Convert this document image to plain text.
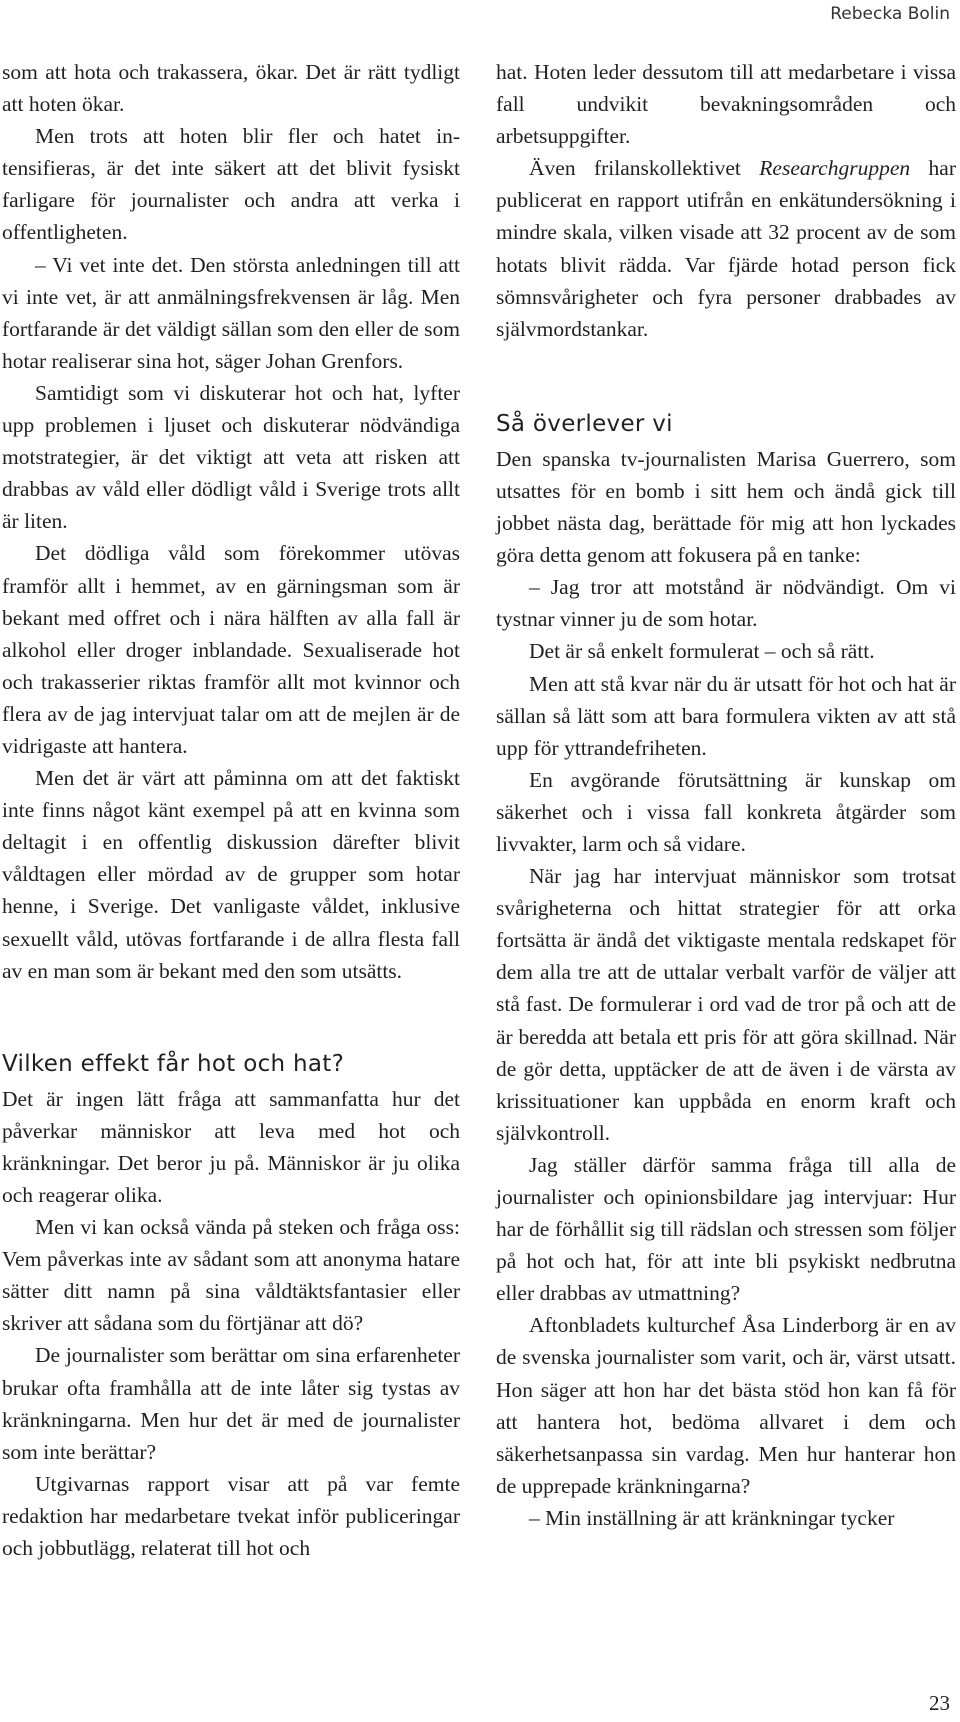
Rebecka Bolin

som att hota och trakassera, ökar. Det är rätt tydligt att hoten ökar.

Men trots att hoten blir fler och hatet intensifieras, är det inte säkert att det blivit fysiskt farligare för journalister och andra att verka i offentligheten.

– Vi vet inte det. Den största anledningen till att vi inte vet, är att anmälningsfrekvensen är låg. Men fortfarande är det väldigt sällan som den eller de som hotar realiserar sina hot, säger Johan Grenfors.

Samtidigt som vi diskuterar hot och hat, lyfter upp problemen i ljuset och diskuterar nödvändiga motstrategier, är det viktigt att veta att risken att drabbas av våld eller dödligt våld i Sverige trots allt är liten.

Det dödliga våld som förekommer utövas framför allt i hemmet, av en gärningsman som är bekant med offret och i nära hälften av alla fall är alkohol eller droger inblandade. Sexualiserade hot och trakasserier riktas framför allt mot kvinnor och flera av de jag intervjuat talar om att de mejlen är de vidrigaste att hantera.

Men det är värt att påminna om att det faktiskt inte finns något känt exempel på att en kvinna som deltagit i en offentlig diskussion därefter blivit våldtagen eller mördad av de grupper som hotar henne, i Sverige. Det vanligaste våldet, inklusive sexuellt våld, utövas fortfarande i de allra flesta fall av en man som är bekant med den som utsätts.

Vilken effekt får hot och hat?

Det är ingen lätt fråga att sammanfatta hur det påverkar människor att leva med hot och kränkningar. Det beror ju på. Människor är ju olika och reagerar olika.

Men vi kan också vända på steken och fråga oss: Vem påverkas inte av sådant som att anonyma hatare sätter ditt namn på sina våldtäktsfantasier eller skriver att sådana som du förtjänar att dö?

De journalister som berättar om sina erfarenheter brukar ofta framhålla att de inte låter sig tystas av kränkningarna. Men hur det är med de journalister som inte berättar?

Utgivarnas rapport visar att på var femte redaktion har medarbetare tvekat inför publiceringar och jobbutlägg, relaterat till hot och

hat. Hoten leder dessutom till att medarbetare i vissa fall undvikit bevakningsområden och arbetsuppgifter.

Även frilanskollektivet Researchgruppen har publicerat en rapport utifrån en enkätundersökning i mindre skala, vilken visade att 32 procent av de som hotats blivit rädda. Var fjärde hotad person fick sömnsvårigheter och fyra personer drabbades av självmordstankar.

Så överlever vi

Den spanska tv-journalisten Marisa Guerrero, som utsattes för en bomb i sitt hem och ändå gick till jobbet nästa dag, berättade för mig att hon lyckades göra detta genom att fokusera på en tanke:

– Jag tror att motstånd är nödvändigt. Om vi tystnar vinner ju de som hotar.

Det är så enkelt formulerat – och så rätt.

Men att stå kvar när du är utsatt för hot och hat är sällan så lätt som att bara formulera vikten av att stå upp för yttrandefriheten.

En avgörande förutsättning är kunskap om säkerhet och i vissa fall konkreta åtgärder som livvakter, larm och så vidare.

När jag har intervjuat människor som trotsat svårigheterna och hittat strategier för att orka fortsätta är ändå det viktigaste mentala redskapet för dem alla tre att de uttalar verbalt varför de väljer att stå fast. De formulerar i ord vad de tror på och att de är beredda att betala ett pris för att göra skillnad. När de gör detta, upptäcker de att de även i de värsta av krissituationer kan uppbåda en enorm kraft och självkontroll.

Jag ställer därför samma fråga till alla de journalister och opinionsbildare jag intervjuar: Hur har de förhållit sig till rädslan och stressen som följer på hot och hat, för att inte bli psykiskt nedbrutna eller drabbas av utmattning?

Aftonbladets kulturchef Åsa Linderborg är en av de svenska journalister som varit, och är, värst utsatt. Hon säger att hon har det bästa stöd hon kan få för att hantera hot, bedöma allvaret i dem och säkerhetsanpassa sin vardag. Men hur hanterar hon de upprepade kränkningarna?

– Min inställning är att kränkningar tycker

23
